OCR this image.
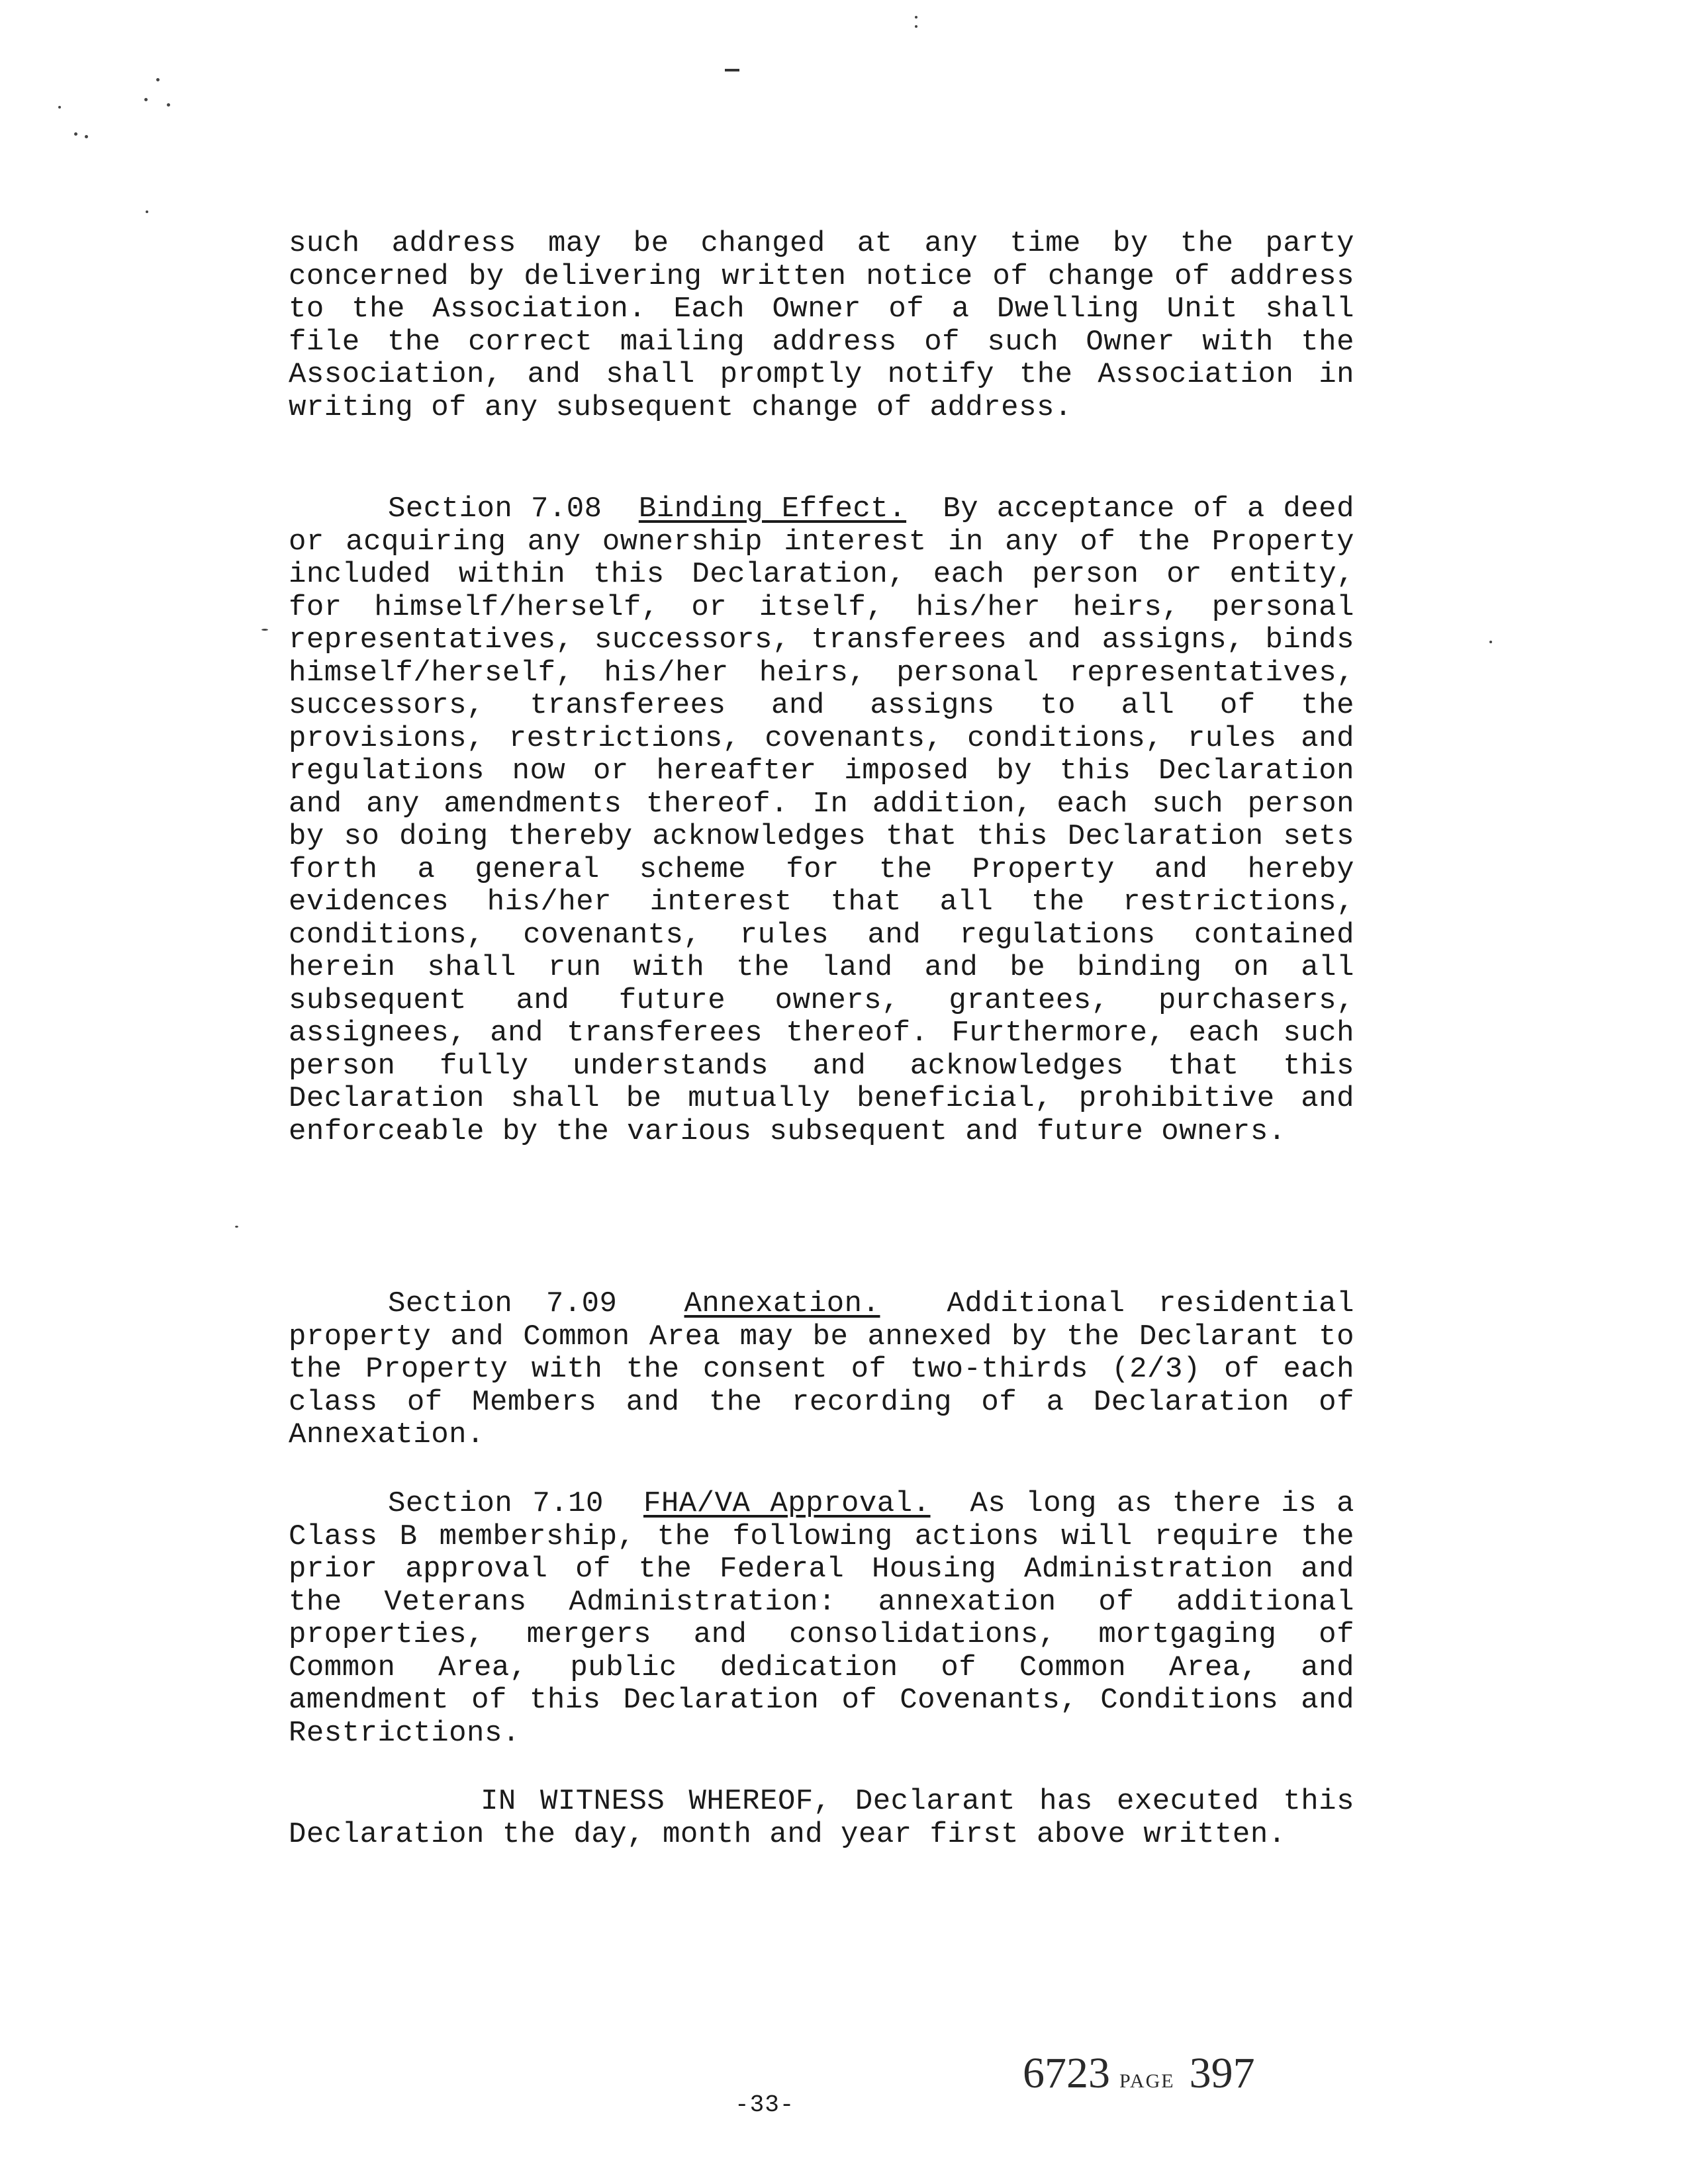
such address may be changed at any time by the party concerned by delivering written notice of change of address to the Association. Each Owner of a Dwelling Unit shall file the correct mailing address of such Owner with the Association, and shall promptly notify the Association in writing of any subsequent change of address.

Section 7.08 Binding Effect. By acceptance of a deed or acquiring any ownership interest in any of the Property included within this Declaration, each person or entity, for himself/herself, or itself, his/her heirs, personal representatives, successors, transferees and assigns, binds himself/herself, his/her heirs, personal representatives, successors, transferees and assigns to all of the provisions, restrictions, covenants, conditions, rules and regulations now or hereafter imposed by this Declaration and any amendments thereof. In addition, each such person by so doing thereby acknowledges that this Declaration sets forth a general scheme for the Property and hereby evidences his/her interest that all the restrictions, conditions, covenants, rules and regulations contained herein shall run with the land and be binding on all subsequent and future owners, grantees, purchasers, assignees, and transferees thereof. Furthermore, each such person fully understands and acknowledges that this Declaration shall be mutually beneficial, prohibitive and enforceable by the various subsequent and future owners.

Section 7.09 Annexation. Additional residential property and Common Area may be annexed by the Declarant to the Property with the consent of two-thirds (2/3) of each class of Members and the recording of a Declaration of Annexation.

Section 7.10 FHA/VA Approval. As long as there is a Class B membership, the following actions will require the prior approval of the Federal Housing Administration and the Veterans Administration: annexation of additional properties, mergers and consolidations, mortgaging of Common Area, public dedication of Common Area, and amendment of this Declaration of Covenants, Conditions and Restrictions.

IN WITNESS WHEREOF, Declarant has executed this Declaration the day, month and year first above written.

-33-
6723 PAGE 397
